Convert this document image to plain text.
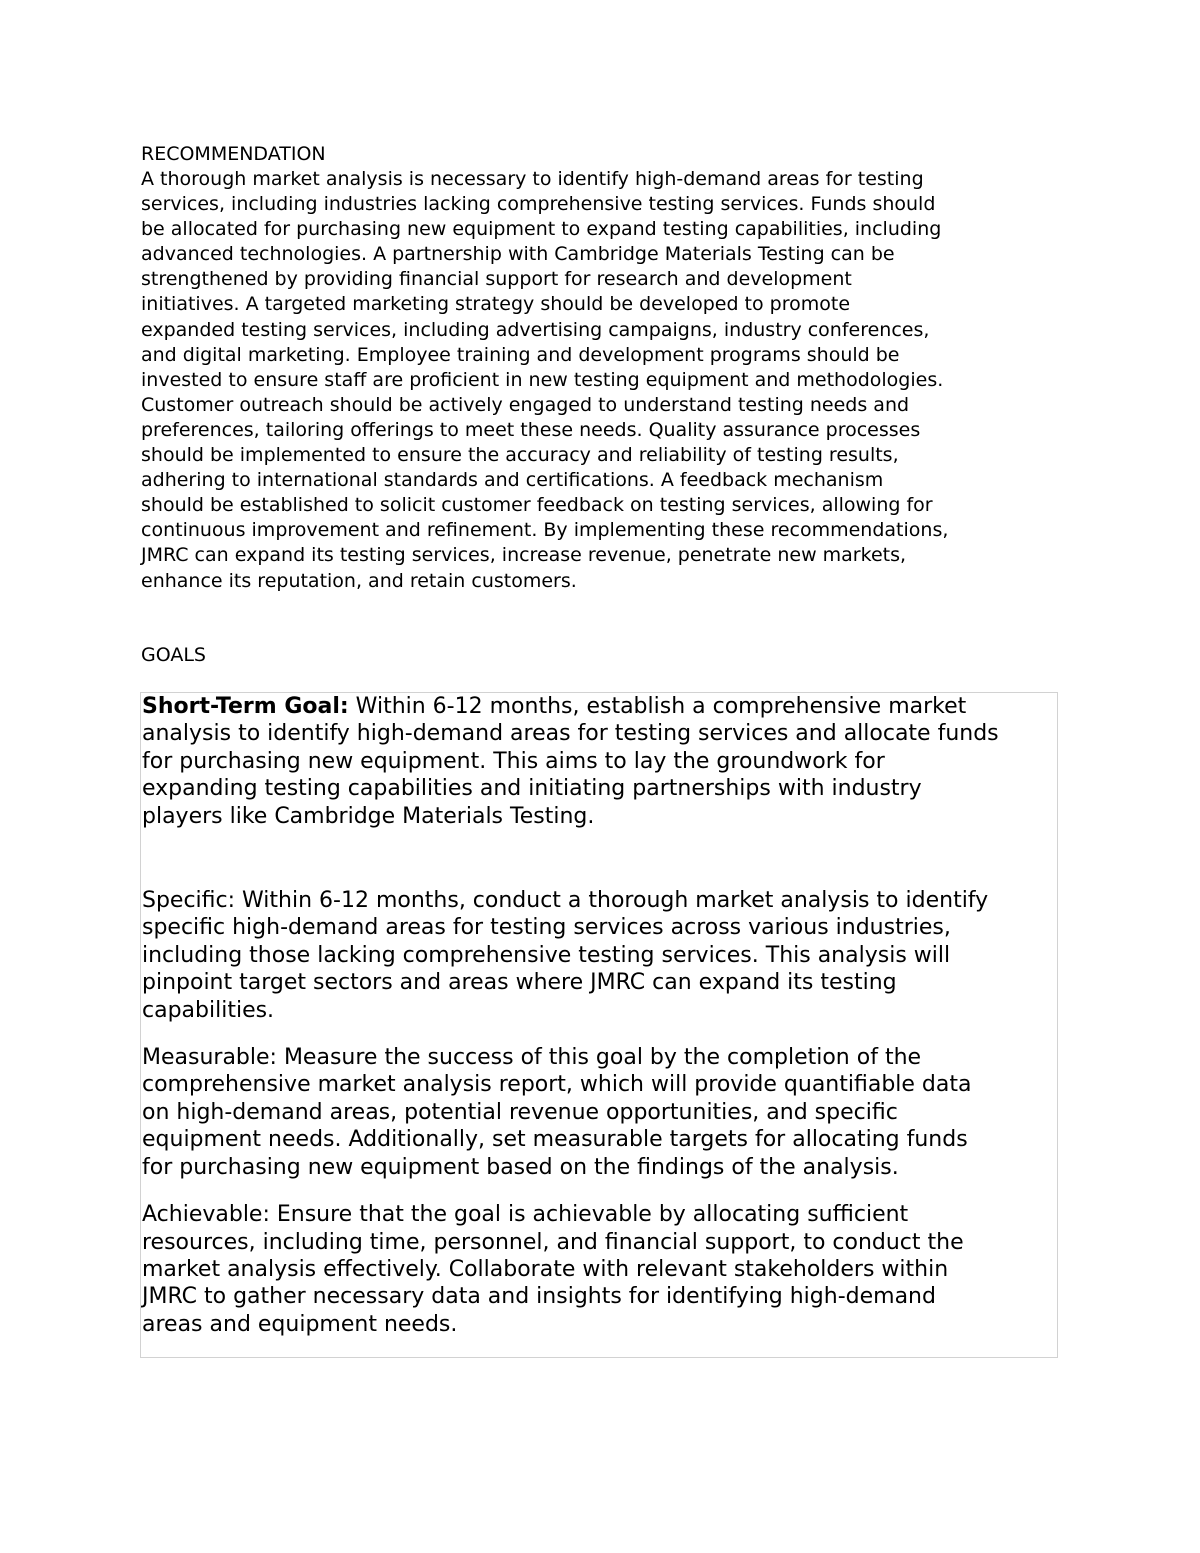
RECOMMENDATION

A thorough market analysis is necessary to identify high-demand areas for testing
services, including industries lacking comprehensive testing services. Funds should
be allocated for purchasing new equipment to expand testing capabilities, including
advanced technologies. A partnership with Cambridge Materials Testing can be
strengthened by providing financial support for research and development
initiatives. A targeted marketing strategy should be developed to promote
expanded testing services, including advertising campaigns, industry conferences,
and digital marketing. Employee training and development programs should be
invested to ensure staff are proficient in new testing equipment and methodologies.
Customer outreach should be actively engaged to understand testing needs and
preferences, tailoring offerings to meet these needs. Quality assurance processes
should be implemented to ensure the accuracy and reliability of testing results,
adhering to international standards and certifications. A feedback mechanism
should be established to solicit customer feedback on testing services, allowing for
continuous improvement and refinement. By implementing these recommendations,
JMRC can expand its testing services, increase revenue, penetrate new markets,
enhance its reputation, and retain customers.

GOALS

Short-Term Goal: Within 6-12 months, establish a comprehensive market
analysis to identify high-demand areas for testing services and allocate funds
for purchasing new equipment. This aims to lay the groundwork for
expanding testing capabilities and initiating partnerships with industry
players like Cambridge Materials Testing.

Specific: Within 6-12 months, conduct a thorough market analysis to identify
specific high-demand areas for testing services across various industries,
including those lacking comprehensive testing services. This analysis will
pinpoint target sectors and areas where JMRC can expand its testing
capabilities.

Measurable: Measure the success of this goal by the completion of the
comprehensive market analysis report, which will provide quantifiable data
on high-demand areas, potential revenue opportunities, and specific
equipment needs. Additionally, set measurable targets for allocating funds
for purchasing new equipment based on the findings of the analysis.

Achievable: Ensure that the goal is achievable by allocating sufficient
resources, including time, personnel, and financial support, to conduct the
market analysis effectively. Collaborate with relevant stakeholders within
JMRC to gather necessary data and insights for identifying high-demand
areas and equipment needs.
